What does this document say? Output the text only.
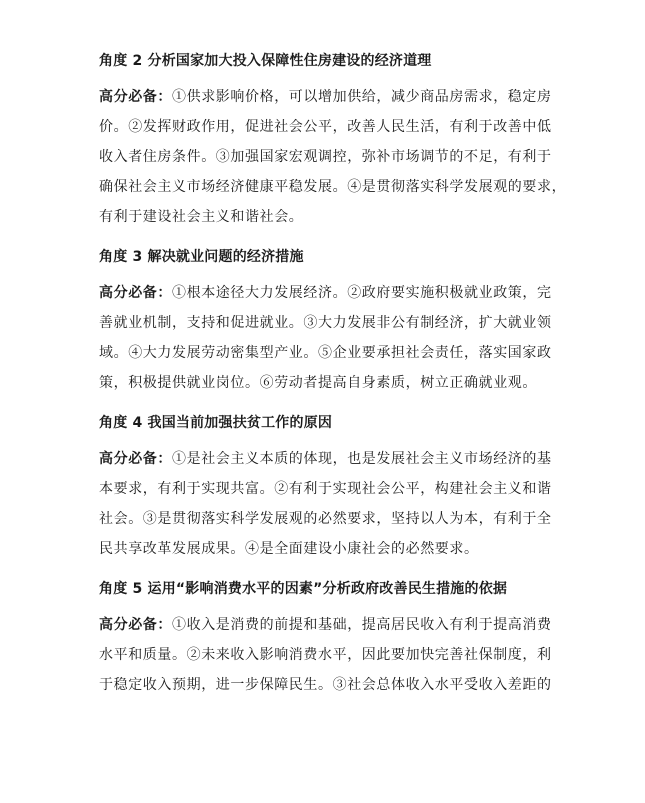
角度 2 分析国家加大投入保障性住房建设的经济道理
高分必备：①供求影响价格，可以增加供给，减少商品房需求，稳定房
价。②发挥财政作用，促进社会公平，改善人民生活，有利于改善中低
收入者住房条件。③加强国家宏观调控，弥补市场调节的不足，有利于
确保社会主义市场经济健康平稳发展。④是贯彻落实科学发展观的要求，
有利于建设社会主义和谐社会。
角度 3 解决就业问题的经济措施
高分必备：①根本途径大力发展经济。②政府要实施积极就业政策，完
善就业机制，支持和促进就业。③大力发展非公有制经济，扩大就业领
域。④大力发展劳动密集型产业。⑤企业要承担社会责任，落实国家政
策，积极提供就业岗位。⑥劳动者提高自身素质，树立正确就业观。
角度 4 我国当前加强扶贫工作的原因
高分必备：①是社会主义本质的体现，也是发展社会主义市场经济的基
本要求，有利于实现共富。②有利于实现社会公平，构建社会主义和谐
社会。③是贯彻落实科学发展观的必然要求，坚持以人为本，有利于全
民共享改革发展成果。④是全面建设小康社会的必然要求。
角度 5 运用“影响消费水平的因素”分析政府改善民生措施的依据
高分必备：①收入是消费的前提和基础，提高居民收入有利于提高消费
水平和质量。②未来收入影响消费水平，因此要加快完善社保制度，利
于稳定收入预期，进一步保障民生。③社会总体收入水平受收入差距的
